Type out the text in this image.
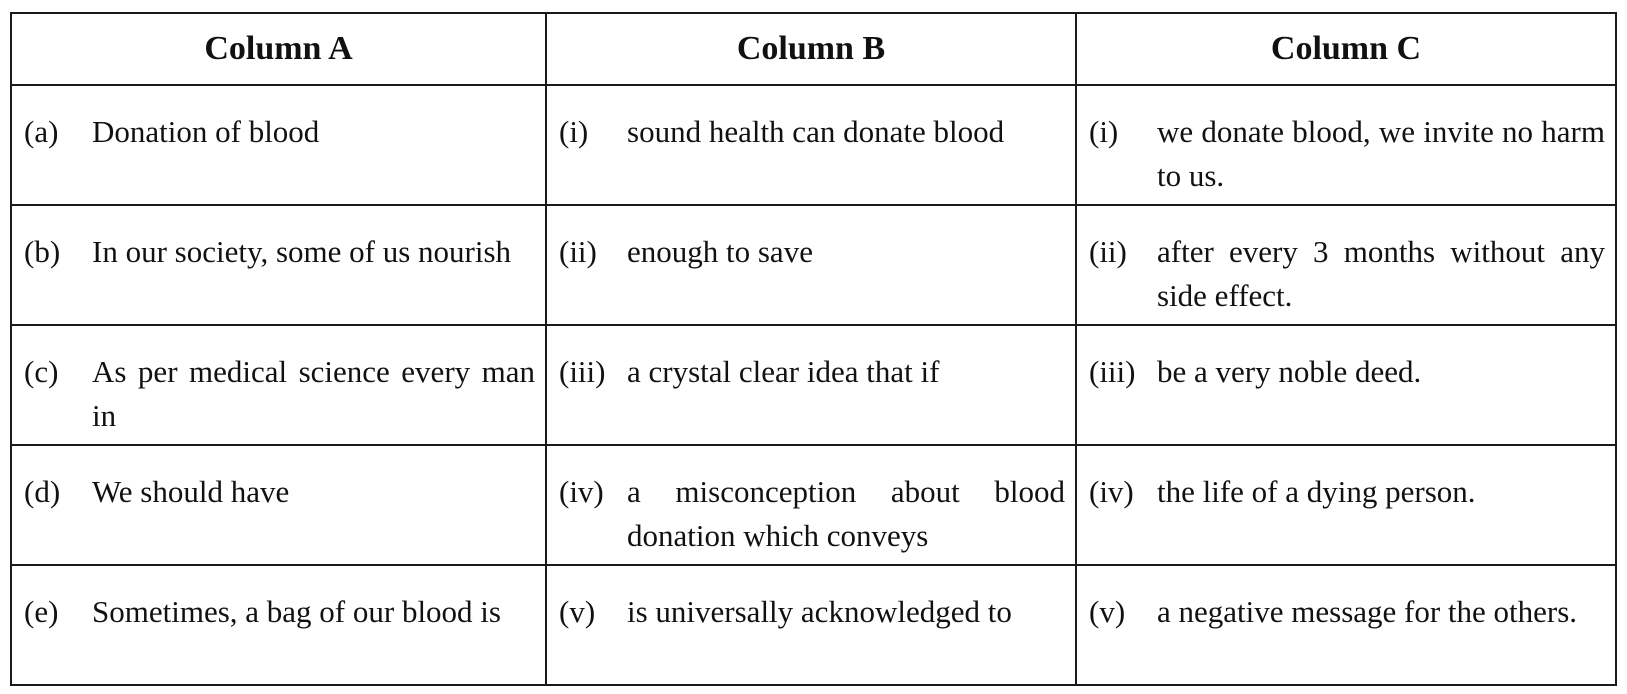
Column A	Column B	Column C

(a) Donation of blood	(i) sound health can donate blood	(i) we donate blood, we invite no harm to us.

(b) In our society, some of us nourish	(ii) enough to save	(ii) after every 3 months without any side effect.

(c) As per medical science every man in	(iii) a crystal clear idea that if	(iii) be a very noble deed.

(d) We should have	(iv) a misconception about blood donation which conveys	(iv) the life of a dying person.

(e) Sometimes, a bag of our blood is	(v) is universally acknowledged to	(v) a negative message for the others.
